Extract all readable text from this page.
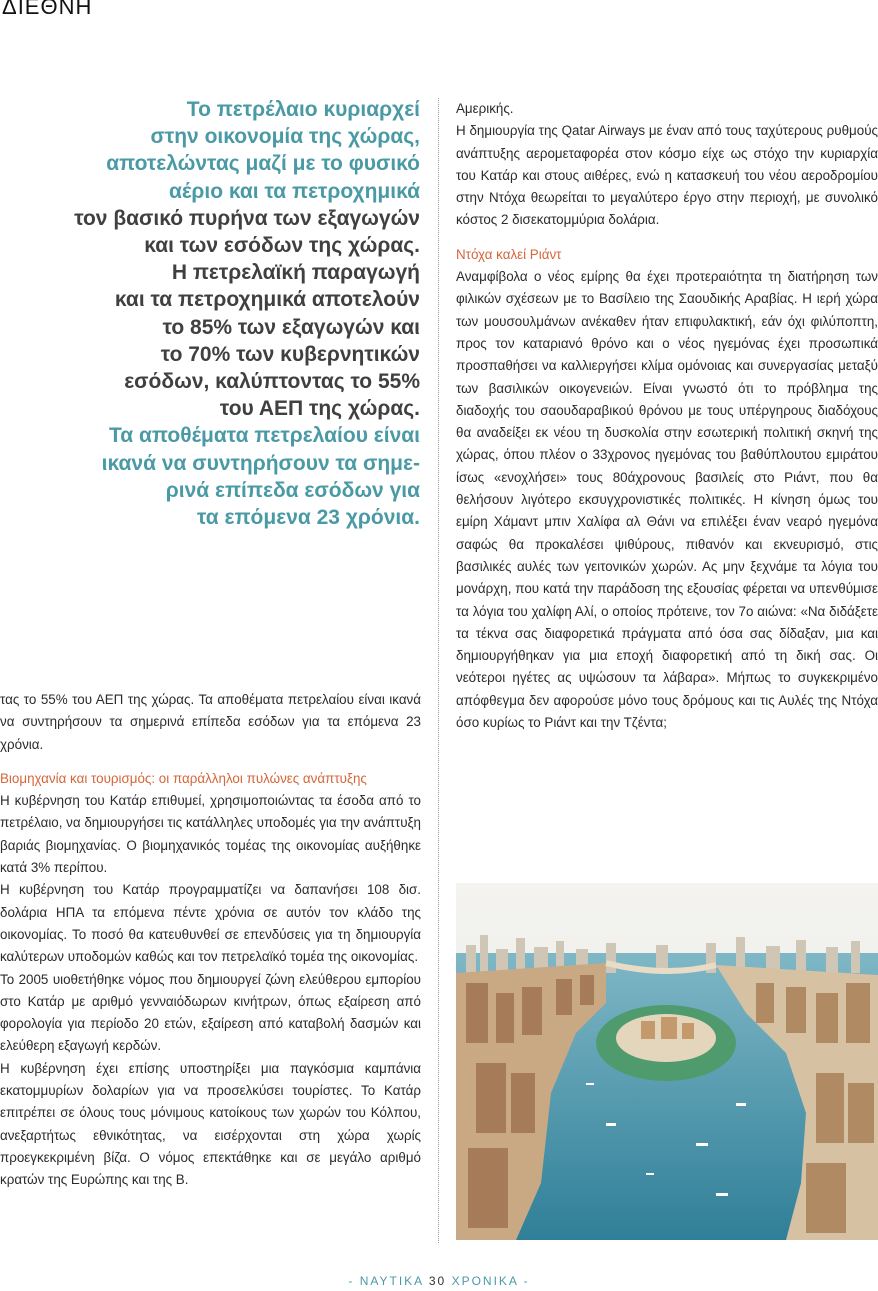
ΔΙΕΘΝΗ
Το πετρέλαιο κυριαρχεί
στην οικονομία της χώρας,
αποτελώντας μαζί με το φυσικό
αέριο και τα πετροχημικά
τον βασικό πυρήνα των εξαγωγών
και των εσόδων της χώρας.
Η πετρελαϊκή παραγωγή
και τα πετροχημικά αποτελούν
το 85% των εξαγωγών και
το 70% των κυβερνητικών
εσόδων, καλύπτοντας το 55%
του ΑΕΠ της χώρας.
Τα αποθέματα πετρελαίου είναι
ικανά να συντηρήσουν τα σημε-
ρινά επίπεδα εσόδων για
τα επόμενα 23 χρόνια.

τας το 55% του ΑΕΠ της χώρας. Τα αποθέματα πετρελαίου είναι ικανά να συντηρήσουν τα σημερινά επίπεδα εσόδων για τα επόμενα 23 χρόνια.

Βιομηχανία και τουρισμός: οι παράλληλοι πυλώνες ανάπτυξης

Η κυβέρνηση του Κατάρ επιθυμεί, χρησιμοποιώντας τα έσοδα από το πετρέλαιο, να δημιουργήσει τις κατάλληλες υποδομές για την ανάπτυξη βαριάς βιομηχανίας. Ο βιομηχανικός τομέας της οικονομίας αυξήθηκε κατά 3% περίπου.

Η κυβέρνηση του Κατάρ προγραμματίζει να δαπανήσει 108 δισ. δολάρια ΗΠΑ τα επόμενα πέντε χρόνια σε αυτόν τον κλάδο της οικονομίας. Το ποσό θα κατευθυνθεί σε επενδύσεις για τη δημιουργία καλύτερων υποδομών καθώς και τον πετρελαϊκό τομέα της οικονομίας.

Το 2005 υιοθετήθηκε νόμος που δημιουργεί ζώνη ελεύθερου εμπορίου στο Κατάρ με αριθμό γενναιόδωρων κινήτρων, όπως εξαίρεση από φορολογία για περίοδο 20 ετών, εξαίρεση από καταβολή δασμών και ελεύθερη εξαγωγή κερδών.

Η κυβέρνηση έχει επίσης υποστηρίξει μια παγκόσμια καμπάνια εκατομμυρίων δολαρίων για να προσελκύσει τουρίστες. Το Κατάρ επιτρέπει σε όλους τους μόνιμους κατοίκους των χωρών του Κόλπου, ανεξαρτήτως εθνικότητας, να εισέρχονται στη χώρα χωρίς προεγκεκριμένη βίζα. Ο νόμος επεκτάθηκε και σε μεγάλο αριθμό κρατών της Ευρώπης και της Β.

Αμερικής.

Η δημιουργία της Qatar Airways με έναν από τους ταχύτερους ρυθμούς ανάπτυξης αερομεταφορέα στον κόσμο είχε ως στόχο την κυριαρχία του Κατάρ και στους αιθέρες, ενώ η κατασκευή του νέου αεροδρομίου στην Ντόχα θεωρείται το μεγαλύτερο έργο στην περιοχή, με συνολικό κόστος 2 δισεκατομμύρια δολάρια.

Ντόχα καλεί Ριάντ

Αναμφίβολα ο νέος εμίρης θα έχει προτεραιότητα τη διατήρηση των φιλικών σχέσεων με το Βασίλειο της Σαουδικής Αραβίας. Η ιερή χώρα των μουσουλμάνων ανέκαθεν ήταν επιφυλακτική, εάν όχι φιλύποπτη, προς τον καταριανό θρόνο και ο νέος ηγεμόνας έχει προσωπικά προσπαθήσει να καλλιεργήσει κλίμα ομόνοιας και συνεργασίας μεταξύ των βασιλικών οικογενειών. Είναι γνωστό ότι το πρόβλημα της διαδοχής του σαουδαραβικού θρόνου με τους υπέργηρους διαδόχους θα αναδείξει εκ νέου τη δυσκολία στην εσωτερική πολιτική σκηνή της χώρας, όπου πλέον ο 33χρονος ηγεμόνας του βαθύπλουτου εμιράτου ίσως «ενοχλήσει» τους 80άχρονους βασιλείς στο Ριάντ, που θα θελήσουν λιγότερο εκσυγχρονιστικές πολιτικές. Η κίνηση όμως του εμίρη Χάμαντ μπιν Χαλίφα αλ Θάνι να επιλέξει έναν νεαρό ηγεμόνα σαφώς θα προκαλέσει ψιθύρους, πιθανόν και εκνευρισμό, στις βασιλικές αυλές των γειτονικών χωρών. Ας μην ξεχνάμε τα λόγια του μονάρχη, που κατά την παράδοση της εξουσίας φέρεται να υπενθύμισε τα λόγια του χαλίφη Αλί, ο οποίος πρότεινε, τον 7ο αιώνα: «Να διδάξετε τα τέκνα σας διαφορετικά πράγματα από όσα σας δίδαξαν, μια και δημιουργήθηκαν για μια εποχή διαφορετική από τη δική σας. Οι νεότεροι ηγέτες ας υψώσουν τα λάβαρα». Μήπως το συγκεκριμένο απόφθεγμα δεν αφορούσε μόνο τους δρόμους και τις Αυλές της Ντόχα όσο κυρίως το Ριάντ και την Τζέντα;

- ΝΑΥΤΙΚΑ 30 ΧΡΟΝΙΚΑ -
